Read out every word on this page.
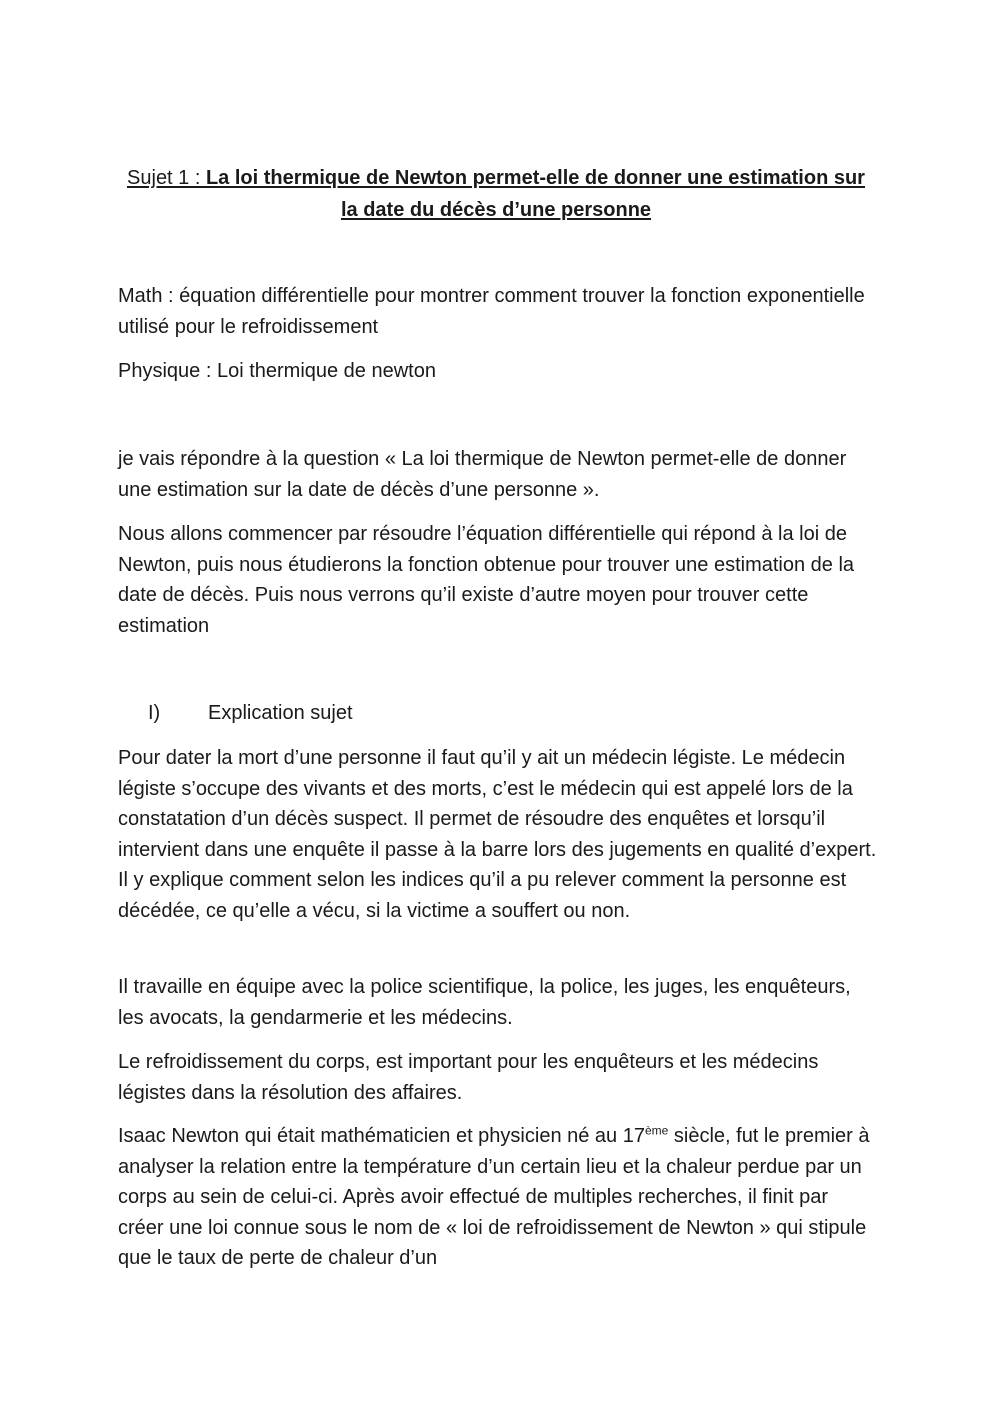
Sujet 1 : La loi thermique de Newton permet-elle de donner une estimation sur la date du décès d’une personne

Math : équation différentielle pour montrer comment trouver la fonction exponentielle utilisé pour le refroidissement

Physique : Loi thermique de newton

je vais répondre à la question « La loi thermique de Newton permet-elle de donner une estimation sur la date de décès d’une personne ».

Nous allons commencer par résoudre l’équation différentielle qui répond à la loi de Newton, puis nous étudierons la fonction obtenue pour trouver une estimation de la date de décès. Puis nous verrons qu’il existe d’autre moyen pour trouver cette estimation

I) Explication sujet

Pour dater la mort d’une personne il faut qu’il y ait un médecin légiste. Le médecin légiste s’occupe des vivants et des morts, c’est le médecin qui est appelé lors de la constatation d’un décès suspect. Il permet de résoudre des enquêtes et lorsqu’il intervient dans une enquête il passe à la barre lors des jugements en qualité d’expert. Il y explique comment selon les indices qu’il a pu relever comment la personne est décédée, ce qu’elle a vécu, si la victime a souffert ou non.

Il travaille en équipe avec la police scientifique, la police, les juges, les enquêteurs, les avocats, la gendarmerie et les médecins.

Le refroidissement du corps, est important pour les enquêteurs et les médecins légistes dans la résolution des affaires.

Isaac Newton qui était mathématicien et physicien né au 17ème siècle, fut le premier à analyser la relation entre la température d’un certain lieu et la chaleur perdue par un corps au sein de celui-ci. Après avoir effectué de multiples recherches, il finit par créer une loi connue sous le nom de « loi de refroidissement de Newton » qui stipule que le taux de perte de chaleur d’un
